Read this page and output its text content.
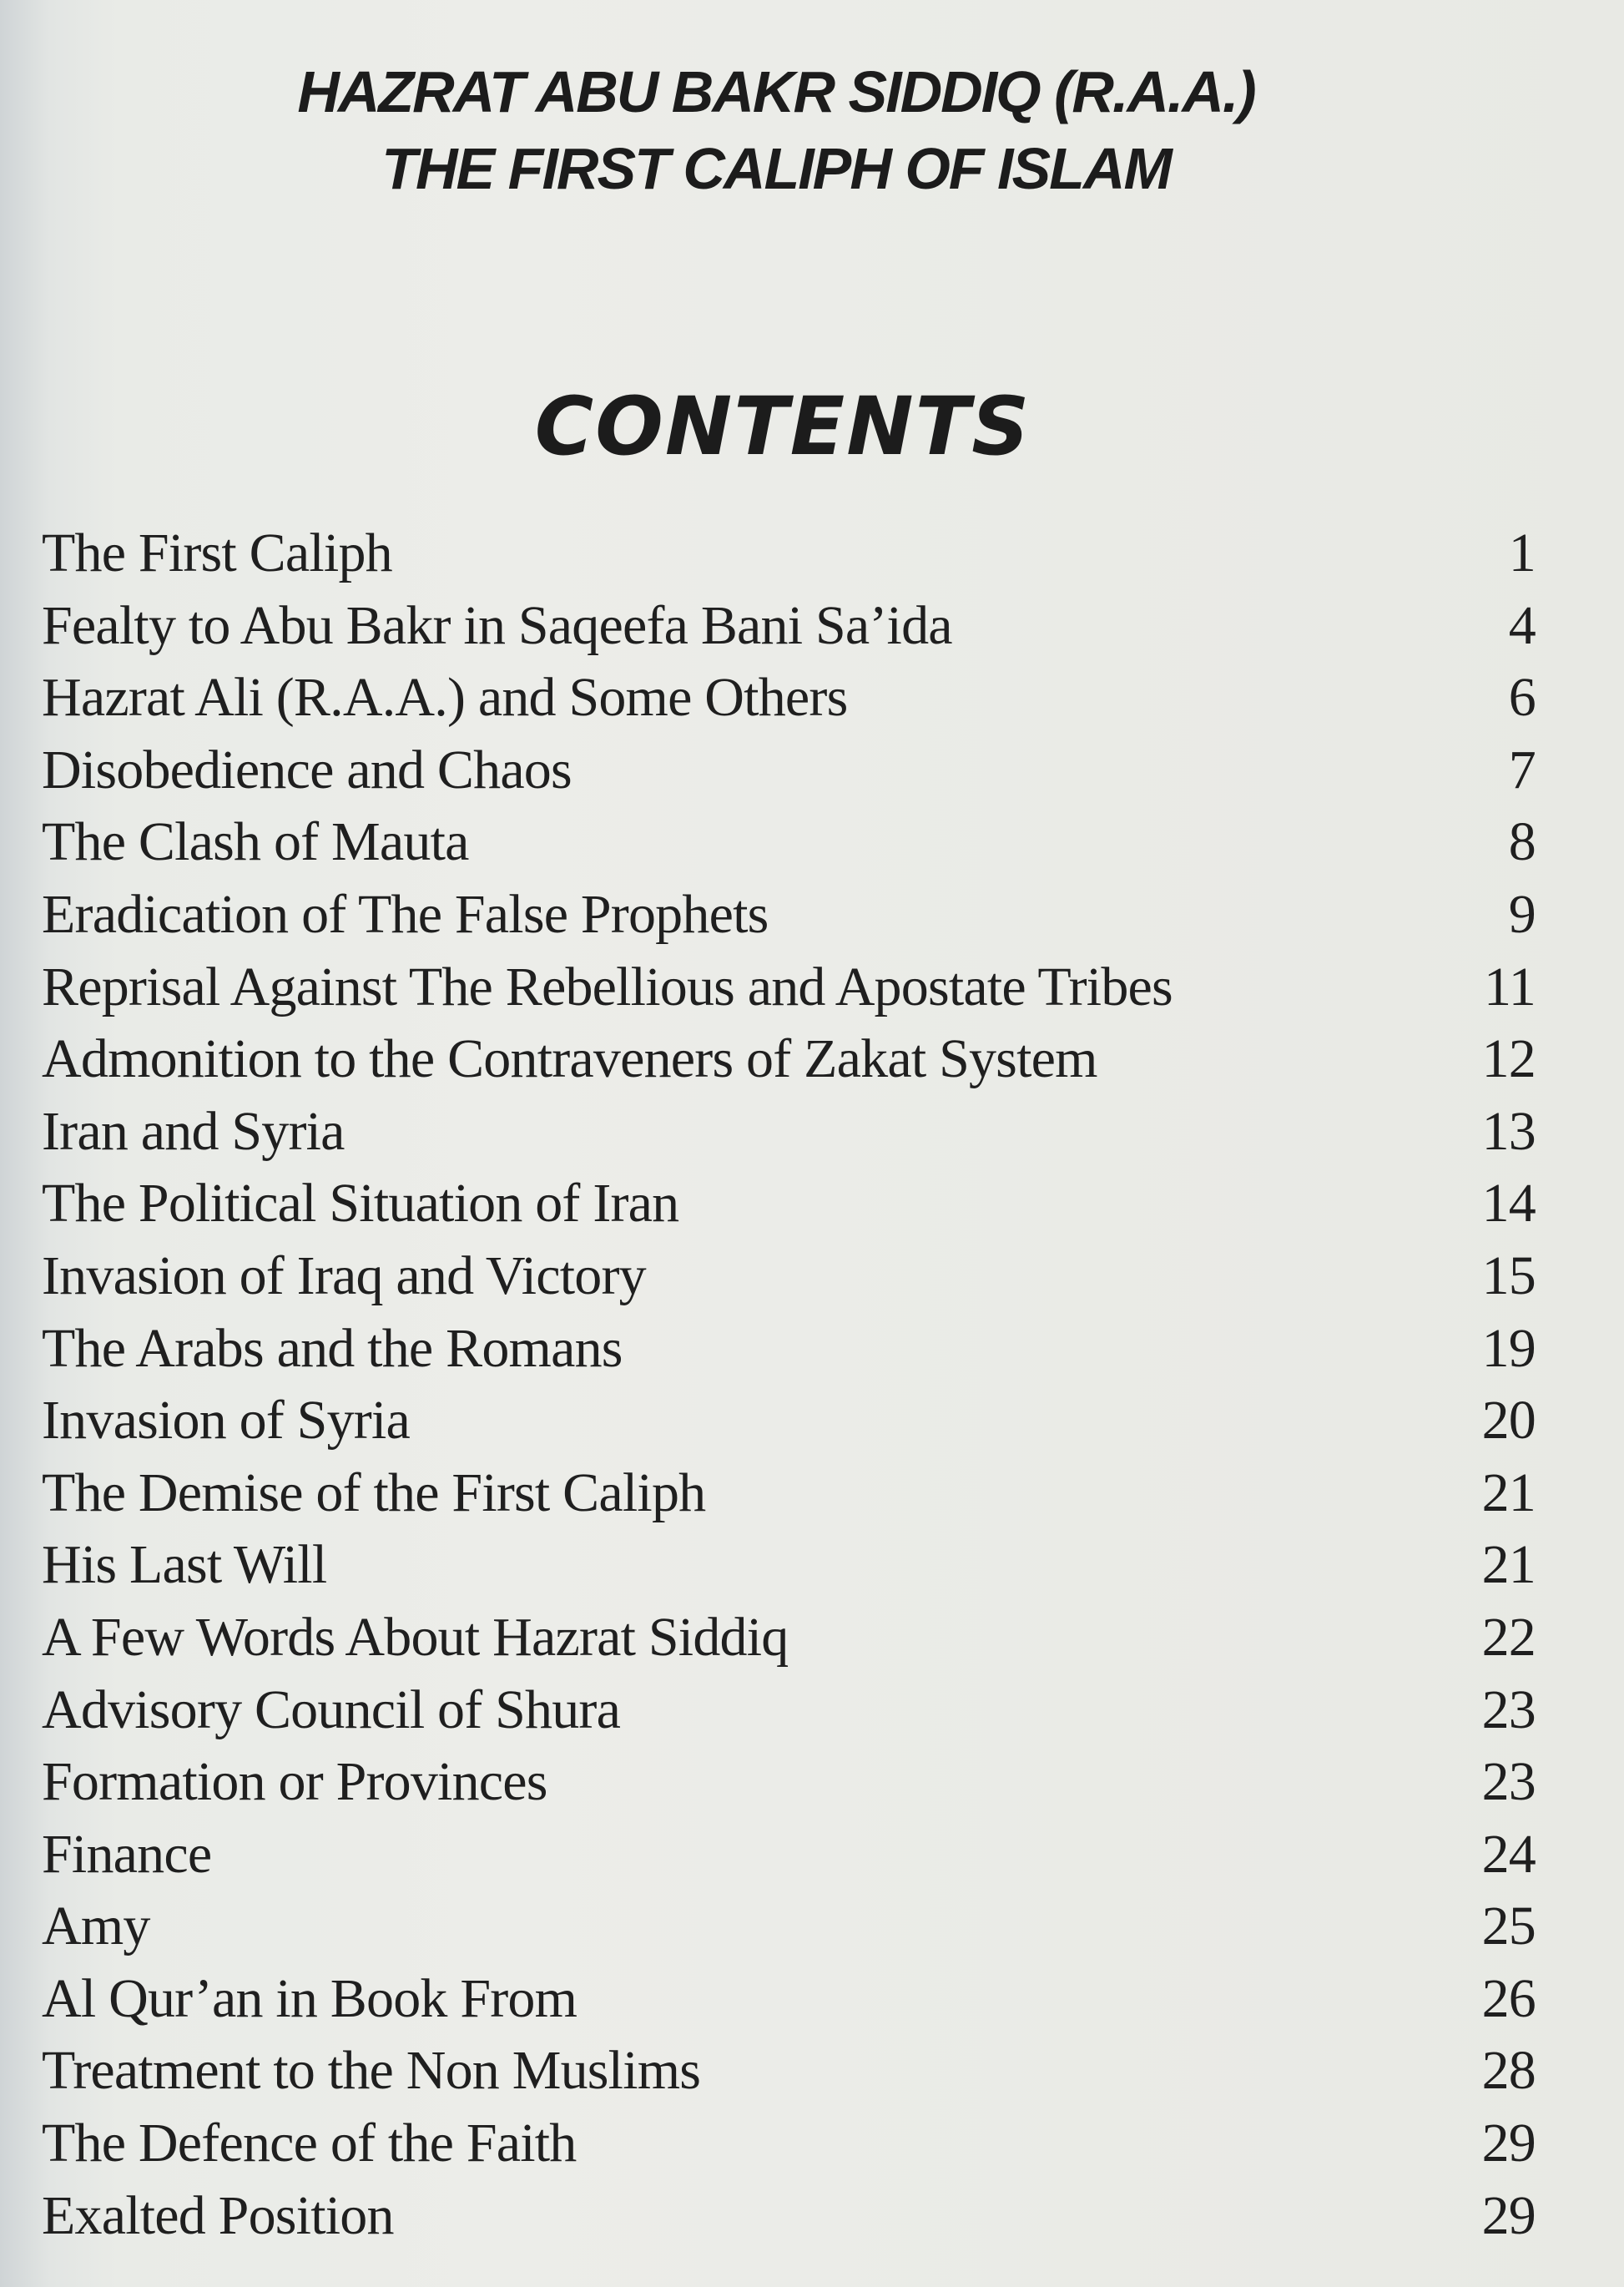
HAZRAT ABU BAKR SIDDIQ (R.A.A.)
THE FIRST CALIPH OF ISLAM
CONTENTS
The First Caliph	1
Fealty to Abu Bakr in Saqeefa Bani Sa’ida	4
Hazrat Ali (R.A.A.) and Some Others	6
Disobedience and Chaos	7
The Clash of Mauta	8
Eradication of The False Prophets	9
Reprisal Against The Rebellious and Apostate Tribes	11
Admonition to the Contraveners of Zakat System	12
Iran and Syria	13
The Political Situation of Iran	14
Invasion of Iraq and Victory	15
The Arabs and the Romans	19
Invasion of Syria	20
The Demise of the First Caliph	21
His Last Will	21
A Few Words About Hazrat Siddiq	22
Advisory Council of Shura	23
Formation or Provinces	23
Finance	24
Amy	25
Al Qur’an in Book From	26
Treatment to the Non Muslims	28
The Defence of the Faith	29
Exalted Position	29
